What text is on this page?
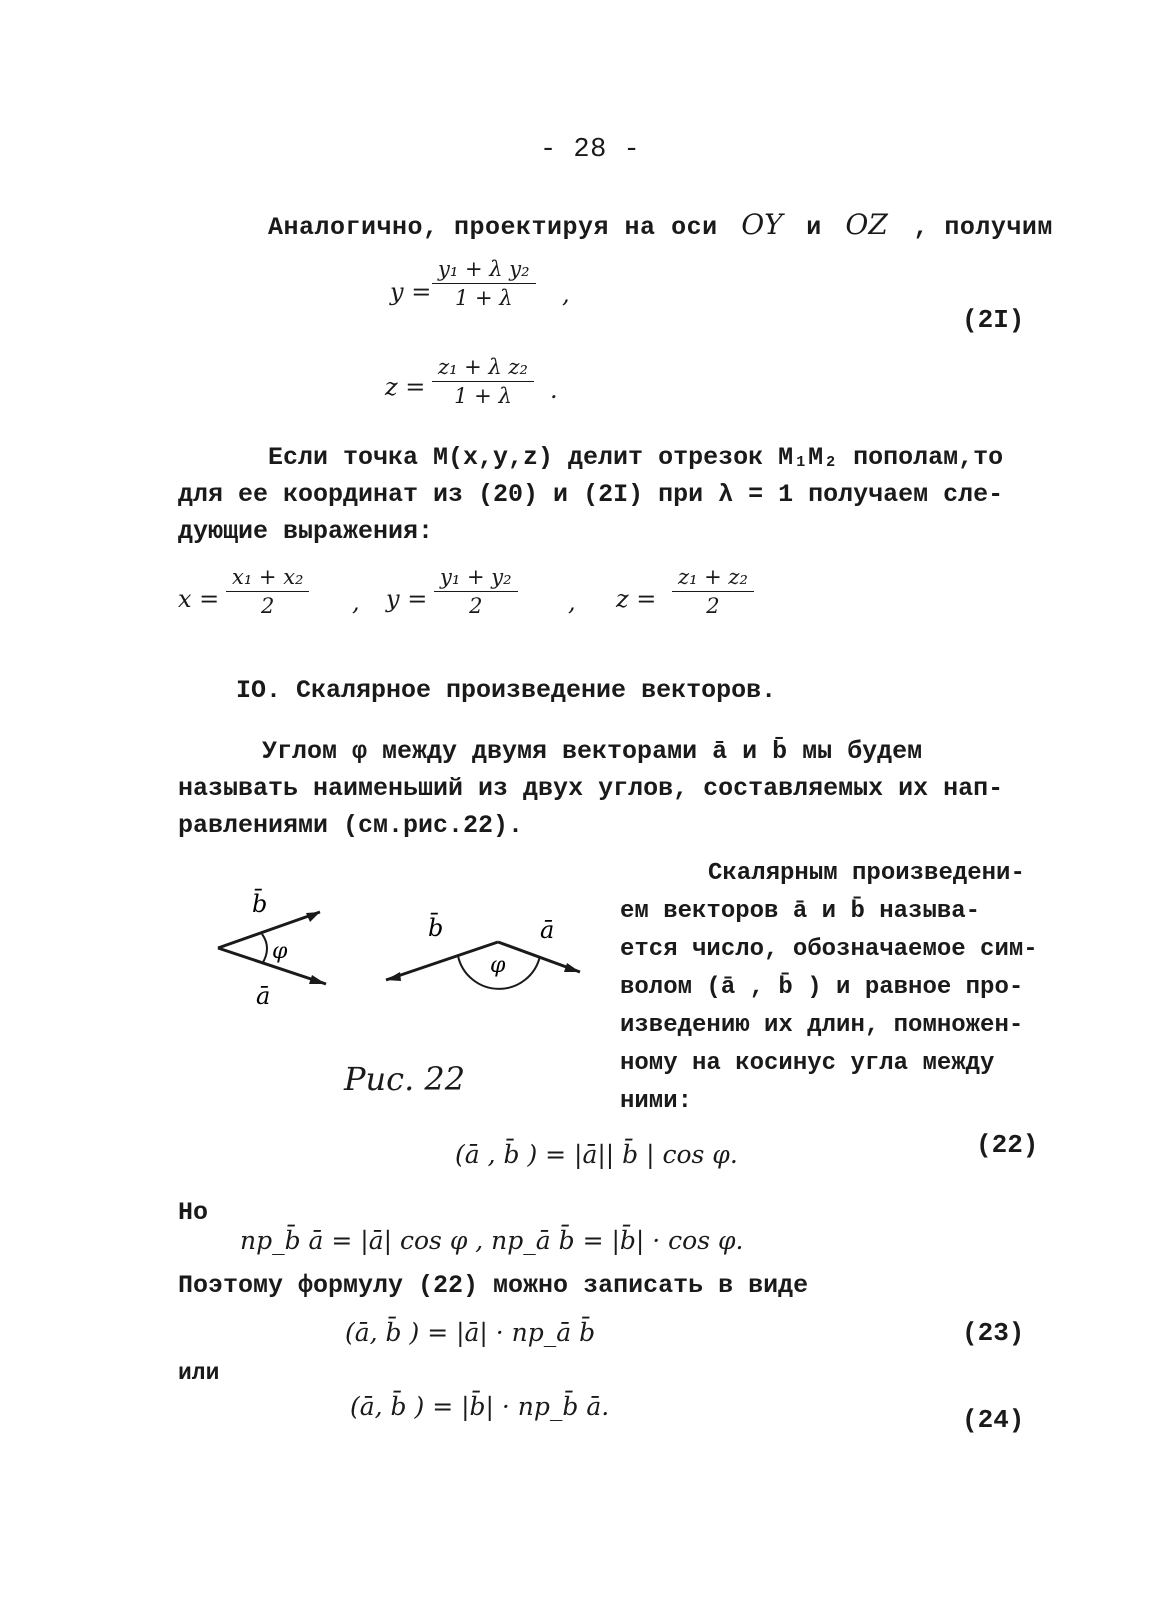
- 28 -
Аналогично, проектируя на оси OY и OZ , получим
y =
y₁ + λ y₂
1 + λ ,
(2I)
z =
z₁ + λ z₂
1 + λ .
Если точка M(x,y,z) делит отрезок M₁M₂ пополам,то
для ее координат из (20) и (2I) при λ = 1 получаем сле-
дующие выражения:
x =
x₁ + x₂
2	, y =
y₁ + y₂
2	, z =
z₁ + z₂
2
IO. Скалярное произведение векторов.
Углом φ между двумя векторами ā и b̄ мы будем
называть наименьший из двух углов, составляемых их нап-
равлениями (см.рис.22).
b̄
φ
ā
b̄
φ
ā
Рис. 22
Скалярным произведени-
ем векторов ā и b̄ называ-
ется число, обозначаемое сим-
волом (ā , b̄ ) и равное про-
изведению их длин, помножен-
ному на косинус угла между
ними:
(ā , b̄ ) = |ā|| b̄ | cos φ.	(22)
Но
пр_b̄ ā = |ā| cos φ , пр_ā b̄ = |b̄| · cos φ.
Поэтому формулу (22) можно записать в виде
(ā, b̄ ) = |ā| · пр_ā b̄	(23)
или
(ā, b̄ ) = |b̄| · пр_b̄ ā.	(24)
